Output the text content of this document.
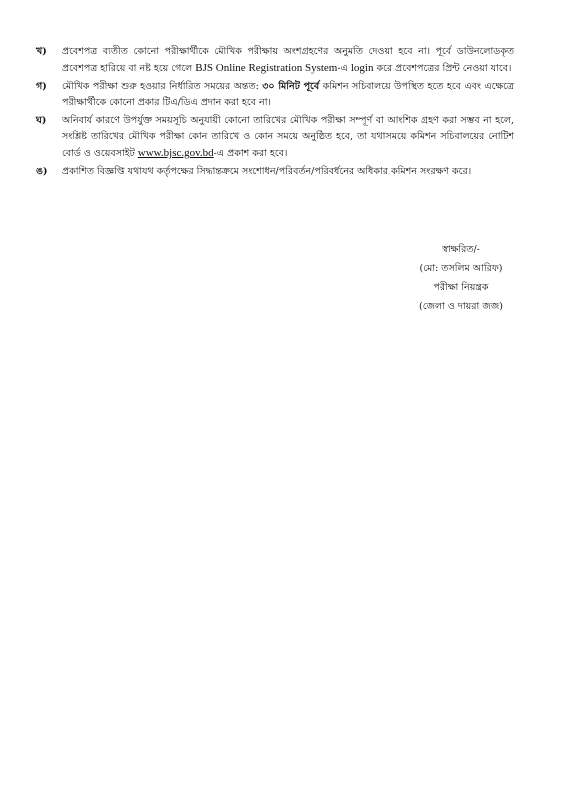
খ)	প্রবেশপত্র ব্যতীত কোনো পরীক্ষার্থীকে মৌখিক পরীক্ষায় অংশগ্রহণের অনুমতি দেওয়া হবে না। পূর্বে ডাউনলোডকৃত প্রবেশপত্র হারিয়ে বা নষ্ট হয়ে গেলে BJS Online Registration System-এ login করে প্রবেশপত্রের প্রিন্ট নেওয়া যাবে।
গ)	মৌখিক পরীক্ষা শুরু হওয়ার নির্ধারিত সময়ের অন্তত: ৩০ মিনিট পূর্বে কমিশন সচিবালয়ে উপস্থিত হতে হবে এবং এক্ষেত্রে পরীক্ষার্থীকে কোনো প্রকার টিএ/ডিএ প্রদান করা হবে না।
ঘ)	অনিবার্য কারণে উপর্যুক্ত সময়সূচি অনুযায়ী কোনো তারিখের মৌখিক পরীক্ষা সম্পূর্ণ বা আংশিক গ্রহণ করা সম্ভব না হলে, সংশ্লিষ্ট তারিখের মৌখিক পরীক্ষা কোন তারিখে ও কোন সময়ে অনুষ্ঠিত হবে, তা যথাসময়ে কমিশন সচিবালয়ের নোটিশ বোর্ড ও ওয়েবসাইট www.bjsc.gov.bd-এ প্রকাশ করা হবে।
ঙ)	প্রকাশিত বিজ্ঞপ্তি যথাযথ কর্তৃপক্ষের সিদ্ধান্তক্রমে সংশোধন/পরিবর্তন/পরিবর্ধনের অধিকার কমিশন সংরক্ষণ করে।
স্বাক্ষরিত/-
(মো: তসলিম আরিফ)
পরীক্ষা নিয়ন্ত্রক
(জেলা ও দায়রা জজ)
